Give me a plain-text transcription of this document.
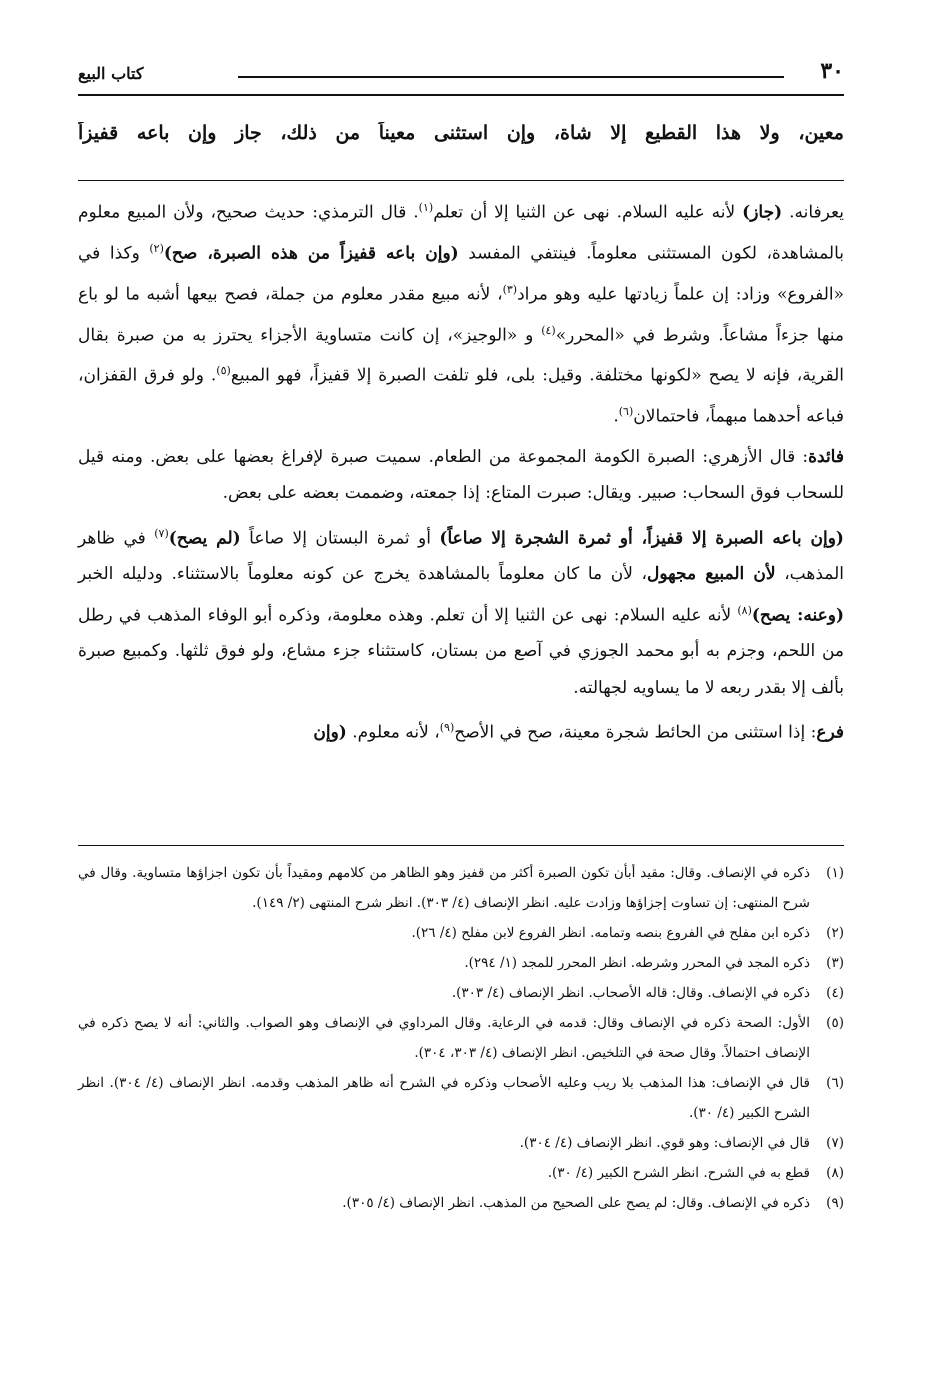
٣٠
كتاب البيع
معين، ولا هذا القطيع إلا شاة، وإن استثنى معيناً من ذلك، جاز وإن باعه قفيزاً

يعرفانه. (جاز) لأنه عليه السلام. نهى عن الثنيا إلا أن تعلم$^{(١)}$. قال الترمذي: حديث صحيح، ولأن المبيع معلوم بالمشاهدة، لكون المستثنى معلوماً. فينتفي المفسد (وإن باعه قفيزاً من هذه الصبرة، صح)$^{(٢)}$ وكذا في «الفروع» وزاد: إن علماً زيادتها عليه وهو مراد$^{(٣)}$، لأنه مبيع مقدر معلوم من جملة، فصح بيعها أشبه ما لو باع منها جزءاً مشاعاً. وشرط في «المحرر»$^{(٤)}$ و «الوجيز»، إن كانت متساوية الأجزاء يحترز به من صبرة بقال القرية، فإنه لا يصح «لكونها مختلفة. وقيل: بلى، فلو تلفت الصبرة إلا قفيزاً، فهو المبيع$^{(٥)}$. ولو فرق القفزان، فباعه أحدهما مبهماً، فاحتمالان$^{(٦)}$.

فائدة: قال الأزهري: الصبرة الكومة المجموعة من الطعام. سميت صبرة لإفراغ بعضها على بعض. ومنه قيل للسحاب فوق السحاب: صبير. ويقال: صبرت المتاع: إذا جمعته، وضممت بعضه على بعض.

(وإن باعه الصبرة إلا قفيزاً، أو ثمرة الشجرة إلا صاعاً) أو ثمرة البستان إلا صاعاً (لم يصح)$^{(٧)}$ في ظاهر المذهب، لأن المبيع مجهول، لأن ما كان معلوماً بالمشاهدة يخرج عن كونه معلوماً بالاستثناء. ودليله الخبر (وعنه: يصح)$^{(٨)}$ لأنه عليه السلام: نهى عن الثنيا إلا أن تعلم. وهذه معلومة، وذكره أبو الوفاء المذهب في رطل من اللحم، وجزم به أبو محمد الجوزي في آصع من بستان، كاستثناء جزء مشاع، ولو فوق ثلثها. وكمبيع صبرة بألف إلا بقدر ربعه لا ما يساويه لجهالته.

فرع: إذا استثنى من الحائط شجرة معينة، صح في الأصح$^{(٩)}$، لأنه معلوم. (وإن

(١)
ذكره في الإنصاف. وقال: مقيد أبأن تكون الصبرة أكثر من قفيز وهو الظاهر من كلامهم ومقيداً بأن تكون اجزاؤها متساوية. وقال في شرح المنتهى: إن تساوت إجزاؤها وزادت عليه. انظر الإنصاف (٤/ ٣٠٣). انظر شرح المنتهى (٢/ ١٤٩).
(٢)
ذكره ابن مفلح في الفروع بنصه وتمامه. انظر الفروع لابن مفلح (٤/ ٢٦).
(٣)
ذكره المجد في المحرر وشرطه. انظر المحرر للمجد (١/ ٢٩٤).
(٤)
ذكره في الإنصاف. وقال: قاله الأصحاب. انظر الإنصاف (٤/ ٣٠٣).
(٥)
الأول: الصحة ذكره في الإنصاف وقال: قدمه في الرعاية. وقال المرداوي في الإنصاف وهو الصواب. والثاني: أنه لا يصح ذكره في الإنصاف احتمالاً. وقال صحة في التلخيص. انظر الإنصاف (٤/ ٣٠٣، ٣٠٤).
(٦)
قال في الإنصاف: هذا المذهب بلا ريب وعليه الأصحاب وذكره في الشرح أنه ظاهر المذهب وقدمه. انظر الإنصاف (٤/ ٣٠٤). انظر الشرح الكبير (٤/ ٣٠).
(٧)
قال في الإنصاف: وهو قوي. انظر الإنصاف (٤/ ٣٠٤).
(٨)
قطع به في الشرح. انظر الشرح الكبير (٤/ ٣٠).
(٩)
ذكره في الإنصاف. وقال: لم يصح على الصحيح من المذهب. انظر الإنصاف (٤/ ٣٠٥).
